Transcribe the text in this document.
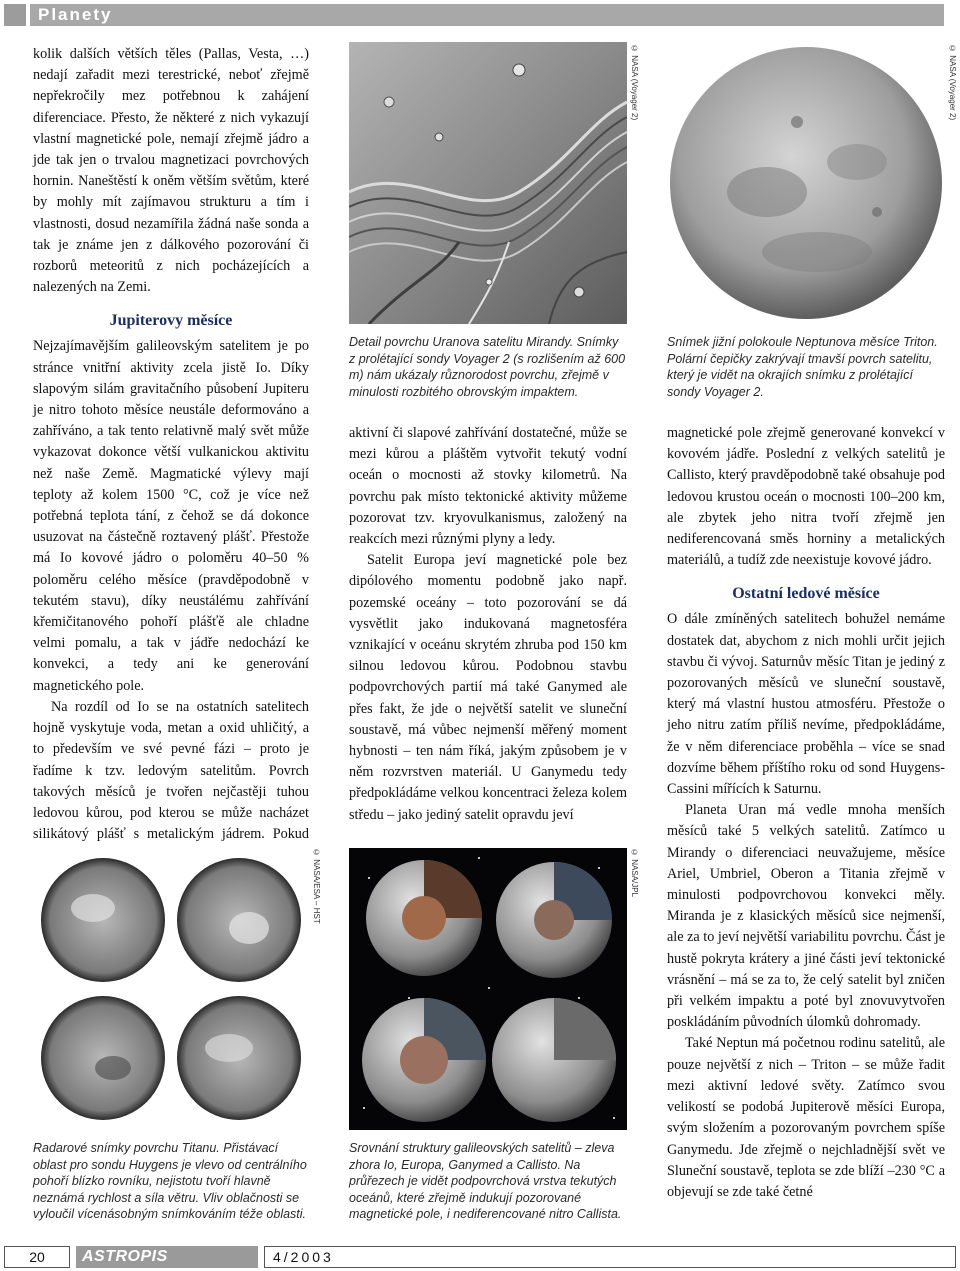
Planety

kolik dalších větších těles (Pallas, Vesta, …) nedají zařadit mezi terestrické, neboť zřejmě nepřekročily mez potřebnou k zahájení diferenciace. Přesto, že některé z nich vykazují vlastní magnetické pole, nemají zřejmě jádro a jde tak jen o trvalou magnetizaci povrchových hornin. Naneštěstí k oněm větším světům, které by mohly mít zajímavou strukturu a tím i vlastnosti, dosud nezamířila žádná naše sonda a tak je známe jen z dálkového pozorování či rozborů meteoritů z nich pocházejících a nalezených na Zemi.

Jupiterovy měsíce

Nejzajímavějším galileovským satelitem je po stránce vnitřní aktivity zcela jistě Io. Díky slapovým silám gravitačního působení Jupiteru je nitro tohoto měsíce neustále deformováno a zahříváno, a tak tento relativně malý svět může vykazovat dokonce větší vulkanickou aktivitu než naše Země. Magmatické výlevy mají teploty až kolem 1500 °C, což je více než potřebná teplota tání, z čehož se dá dokonce usuzovat na částečně roztavený plášť. Přestože má Io kovové jádro o poloměru 40–50 % poloměru celého měsíce (pravděpodobně v tekutém stavu), díky neustálému zahřívání křemičitanového pohoří plášťě ale chladne velmi pomalu, a tak v jádře nedochází ke konvekci, a tedy ani ke generování magnetického pole.

Na rozdíl od Io se na ostatních satelitech hojně vyskytuje voda, metan a oxid uhličitý, a to především ve své pevné fázi – proto je řadíme k tzv. ledovým satelitům. Povrch takových měsíců je tvořen nejčastěji tuhou ledovou kůrou, pod kterou se může nacházet silikátový plášť s metalickým jádrem. Pokud

aktivní či slapové zahřívání dostatečné, může se mezi kůrou a pláštěm vytvořit tekutý vodní oceán o mocnosti až stovky kilometrů. Na povrchu pak místo tektonické aktivity můžeme pozorovat tzv. kryovulkanismus, založený na reakcích mezi různými plyny a ledy.

Satelit Europa jeví magnetické pole bez dipólového momentu podobně jako např. pozemské oceány – toto pozorování se dá vysvětlit jako indukovaná magnetosféra vznikající v oceánu skrytém zhruba pod 150 km silnou ledovou kůrou. Podobnou stavbu podpovrchových partií má také Ganymed ale přes fakt, že jde o největší satelit ve sluneční soustavě, má vůbec nejmenší měřený moment hybnosti – ten nám říká, jakým způsobem je v něm rozvrstven materiál. U Ganymedu tedy předpokládáme velkou koncentraci železa kolem středu – jako jediný satelit opravdu jeví

magnetické pole zřejmě generované konvekcí v kovovém jádře. Poslední z velkých satelitů je Callisto, který pravděpodobně také obsahuje pod ledovou krustou oceán o mocnosti 100–200 km, ale zbytek jeho nitra tvoří zřejmě jen nediferencovaná směs horniny a metalických materiálů, a tudíž zde neexistuje kovové jádro.

Ostatní ledové měsíce

O dále zmíněných satelitech bohužel nemáme dostatek dat, abychom z nich mohli určit jejich stavbu či vývoj. Saturnův měsíc Titan je jediný z pozorovaných měsíců ve sluneční soustavě, který má vlastní hustou atmosféru. Přestože o jeho nitru zatím příliš nevíme, předpokládáme, že v něm diferenciace proběhla – více se snad dozvíme během příštího roku od sond Huygens-Cassini mířících k Saturnu.

Planeta Uran má vedle mnoha menších měsíců také 5 velkých satelitů. Zatímco u Mirandy o diferenciaci neuvažujeme, měsíce Ariel, Umbriel, Oberon a Titania zřejmě v minulosti podpovrchovou konvekci měly. Miranda je z klasických měsíců sice nejmenší, ale za to jeví největší variabilitu povrchu. Část je hustě pokryta krátery a jiné části jeví tektonické vrásnění – má se za to, že celý satelit byl zničen při velkém impaktu a poté byl znovuvytvořen poskládáním původních úlomků dohromady.

Také Neptun má početnou rodinu satelitů, ale pouze největší z nich – Triton – se může řadit mezi aktivní ledové světy. Zatímco svou velikostí se podobá Jupiterově měsíci Europa, svým složením a pozorovaným povrchem spíše Ganymedu. Jde zřejmě o nejchladnější svět ve Sluneční soustavě, teplota se zde blíží –230 °C a objevují se zde také četné

© NASA (Voyager 2)
Detail povrchu Uranova satelitu Mirandy. Snímky z prolétající sondy Voyager 2 (s rozlišením až 600 m) nám ukázaly různorodost povrchu, zřejmě v minulosti rozbitého obrovským impaktem.
© NASA (Voyager 2)
Snímek jižní polokoule Neptunova měsíce Triton. Polární čepičky zakrývají tmavší povrch satelitu, který je vidět na okrajích snímku z prolétající sondy Voyager 2.
© NASA/ESA – HST
Radarové snímky povrchu Titanu. Přistávací oblast pro sondu Huygens je vlevo od centrálního pohoří blízko rovníku, nejistotu tvoří hlavně neznámá rychlost a síla větru. Vliv oblačnosti se vyloučil vícenásobným snímkováním téže oblasti.
© NASA/JPL
Srovnání struktury galileovských satelitů – zleva zhora Io, Europa, Ganymed a Callisto. Na průřezech je vidět podpovrchová vrstva tekutých oceánů, které zřejmě indukují pozorované magnetické pole, i nediferencované nitro Callista.
20	ASTROPIS	4/2003
